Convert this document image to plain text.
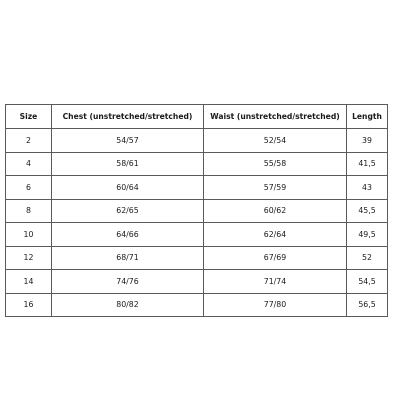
Size	Chest (unstretched/stretched)	Waist (unstretched/stretched)	Length
2	54/57	52/54	39
4	58/61	55/58	41,5
6	60/64	57/59	43
8	62/65	60/62	45,5
10	64/66	62/64	49,5
12	68/71	67/69	52
14	74/76	71/74	54,5
16	80/82	77/80	56,5
